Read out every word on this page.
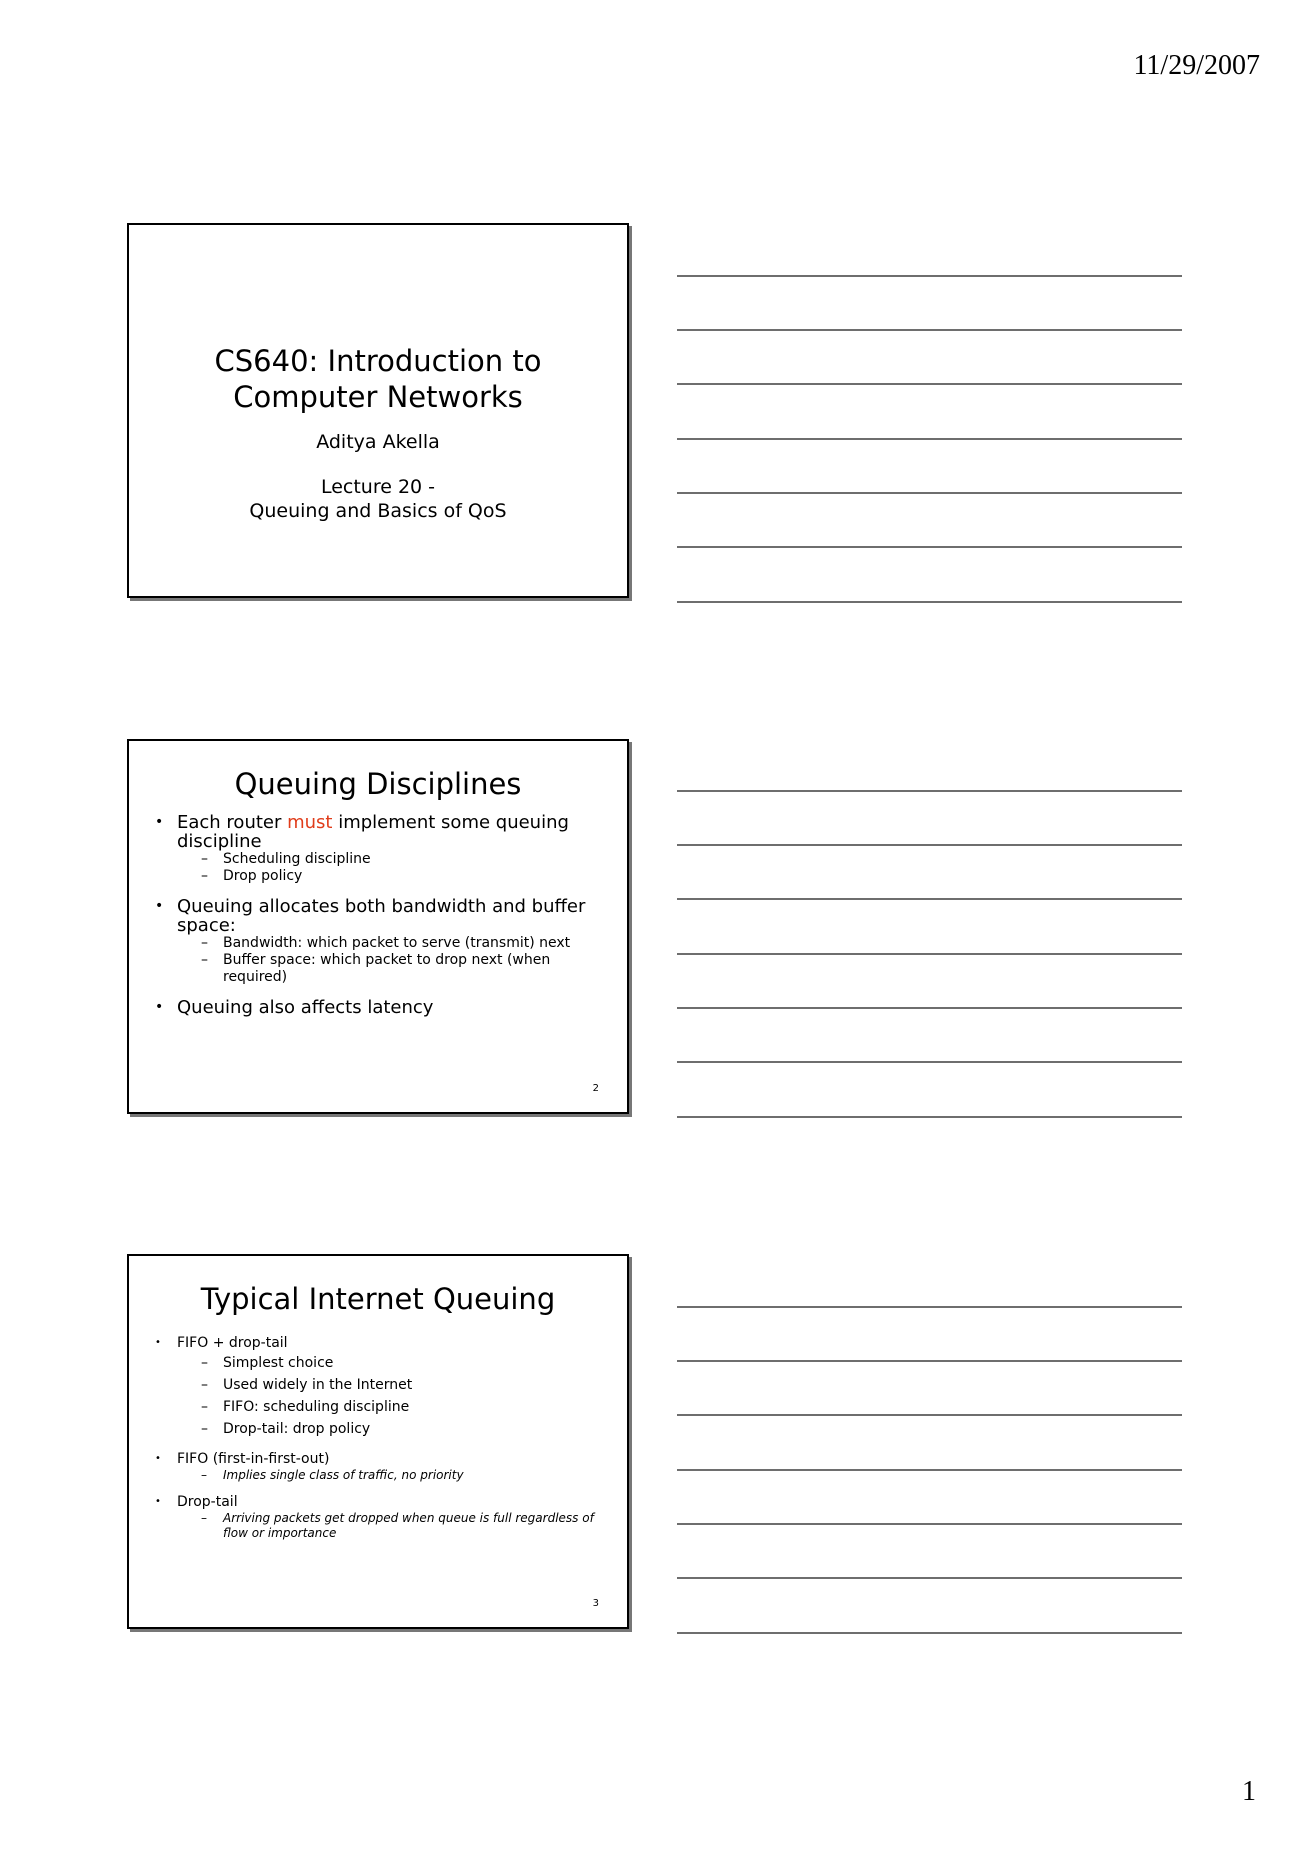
11/29/2007
CS640: Introduction to
Computer Networks
Aditya Akella
Lecture 20 -
Queuing and Basics of QoS
Queuing Disciplines
• Each router must implement some queuing discipline
– Scheduling discipline
– Drop policy
• Queuing allocates both bandwidth and buffer space:
– Bandwidth: which packet to serve (transmit) next
– Buffer space: which packet to drop next (when required)
• Queuing also affects latency
2
Typical Internet Queuing
• FIFO + drop-tail
– Simplest choice
– Used widely in the Internet
– FIFO: scheduling discipline
– Drop-tail: drop policy
• FIFO (first-in-first-out)
– Implies single class of traffic, no priority
• Drop-tail
– Arriving packets get dropped when queue is full regardless of flow or importance
3
1
